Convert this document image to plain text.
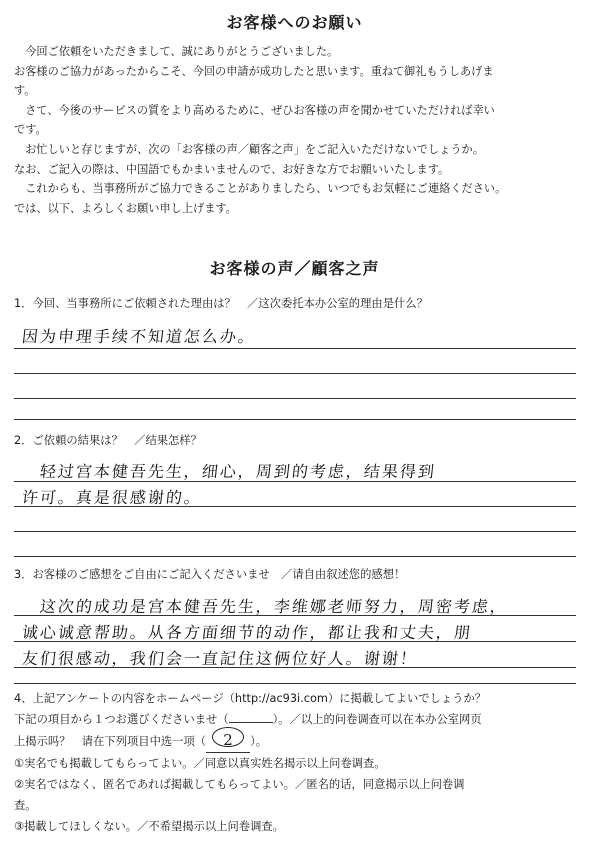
お客様へのお願い

　今回ご依頼をいただきまして、誠にありがとうございました。

お客様のご協力があったからこそ、今回の申請が成功したと思います。重ねて御礼もうしあげま

す。

　さて、今後のサービスの質をより高めるために、ぜひお客様の声を聞かせていただければ幸い

です。

　お忙しいと存じますが、次の「お客様の声／顧客之声」をご記入いただけないでしょうか。

なお、ご記入の際は、中国語でもかまいませんので、お好きな方でお願いいたします。

　これからも、当事務所がご協力できることがありましたら、いつでもお気軽にご連絡ください。

では、以下、よろしくお願い申し上げます。

お客様の声／顧客之声
1．今回、当事務所にご依頼された理由は？　／这次委托本办公室的理由是什么？
因为申理手续不知道怎么办。
2．ご依頼の結果は？　／结果怎样？
轻过宫本健吾先生，细心，周到的考虑，结果得到
许可。真是很感谢的。
3．お客様のご感想をご自由にご記入くださいませ　／请自由叙述您的感想！
这次的成功是宫本健吾先生，李维娜老师努力，周密考虑，
诚心诚意帮助。从各方面细节的动作，都让我和丈夫，朋
友们很感动，我们会一直記住这俩位好人。谢谢！

4、上記アンケートの内容をホームページ（http://ac93i.com）に掲載してよいでしょうか？

下記の項目から１つお選びくださいませ（	）。／以上的问卷调查可以在本办公室网页

上揭示吗？　请在下列项目中选一项（ 2 ）。

①実名でも掲載してもらってよい。／同意以真实姓名揭示以上问卷调查。

②実名ではなく、匿名であれば掲載してもらってよい。／匿名的话，同意揭示以上问卷调

查。

③掲載してほしくない。／不希望揭示以上问卷调查。
